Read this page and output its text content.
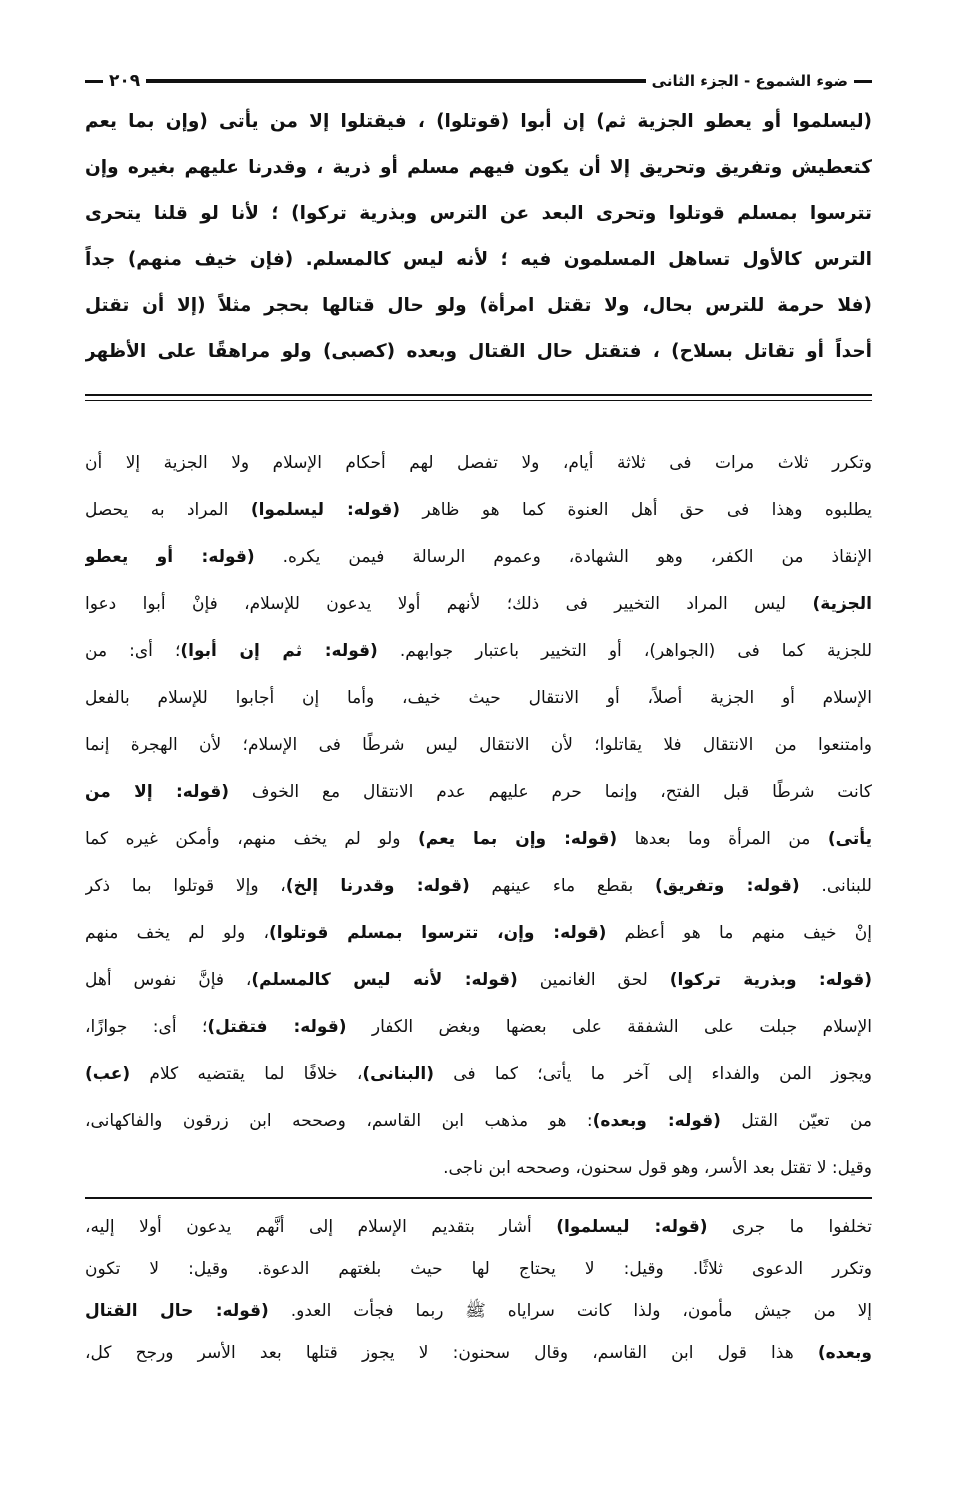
ضوء الشموع - الجزء الثانى
٢٠٩
(ليسلموا أو يعطو الجزية ثم) إن أبوا (قوتلوا) ، فيقتلوا إلا من يأتى (وإن بما يعم
كتعطيش وتفريق وتحريق إلا أن يكون فيهم مسلم أو ذرية ، وقدرنا عليهم بغيره وإن
تترسوا بمسلم قوتلوا وتحرى البعد عن الترس وبذرية تركوا) ؛ لأنا لو قلنا يتحرى
الترس كالأول تساهل المسلمون فيه ؛ لأنه ليس كالمسلم. (فإن خيف منهم) جداً
(فلا حرمة للترس بحال، ولا تقتل امرأة) ولو حال قتالها بحجر مثلاً (إلا أن تقتل
أحداً أو تقاتل بسلاح) ، فتقتل حال القتال وبعده (كصبى) ولو مراهقًا على الأظهر
وتكرر ثلاث مرات فى ثلاثة أيام، ولا تفصل لهم أحكام الإسلام ولا الجزية إلا أن
يطلبوه وهذا فى حق أهل العنوة كما هو ظاهر (قوله: ليسلموا) المراد به يحصل
الإنقاذ من الكفر، وهو الشهادة، وعموم الرسالة فيمن يكره. (قوله: أو يعطو
الجزية) ليس المراد التخيير فى ذلك؛ لأنهم أولا يدعون للإسلام، فإنْ أبوا دعوا
للجزية كما فى (الجواهر)، أو التخيير باعتبار جوابهم. (قوله: ثم إن أبوا)؛ أى: من
الإسلام أو الجزية أصلاً، أو الانتقال حيث خيف، وأما إن أجابوا للإسلام بالفعل
وامتنعوا من الانتقال فلا يقاتلوا؛ لأن الانتقال ليس شرطًا فى الإسلام؛ لأن الهجرة إنما
كانت شرطًا قبل الفتح، وإنما حرم عليهم عدم الانتقال مع الخوف (قوله: إلا من
يأتى) من المرأة وما بعدها (قوله: وإن بما يعم) ولو لم يخف منهم، وأمكن غيره كما
للبنانى. (قوله: وتفريق) بقطع ماء عينهم (قوله: وقدرنا إلخ)، وإلا قوتلوا بما ذكر
إنْ خيف منهم ما هو أعظم (قوله: وإن، تترسوا بمسلم قوتلوا)، ولو لم يخف منهم
(قوله: وبذرية تركوا) لحق الغانمين (قوله: لأنه ليس كالمسلم)، فإنَّ نفوس أهل
الإسلام جبلت على الشفقة على بعضها وبغض الكفار (قوله: فتقتل)؛ أى: جوازًا،
ويجوز المن والفداء إلى آخر ما يأتى؛ كما فى (البنانى)، خلافًا لما يقتضيه كلام (عب)
من تعيّن القتل (قوله: وبعده): هو مذهب ابن القاسم، وصححه ابن زرقون والفاكهانى،
وقيل: لا تقتل بعد الأسر، وهو قول سحنون، وصححه ابن ناجى.
تخلفوا ما جرى (قوله: ليسلموا) أشار بتقديم الإسلام إلى أنَّهم يدعون أولا إليه،
وتكرر الدعوى ثلاثًا. وقيل: لا يحتاج لها حيث بلغتهم الدعوة. وقيل: لا تكون
إلا من جيش مأمون، ولذا كانت سراياه ﷺ ربما فجأت العدو. (قوله: حال القتال
وبعده) هذا قول ابن القاسم، وقال سحنون: لا يجوز قتلها بعد الأسر ورجح كل،
